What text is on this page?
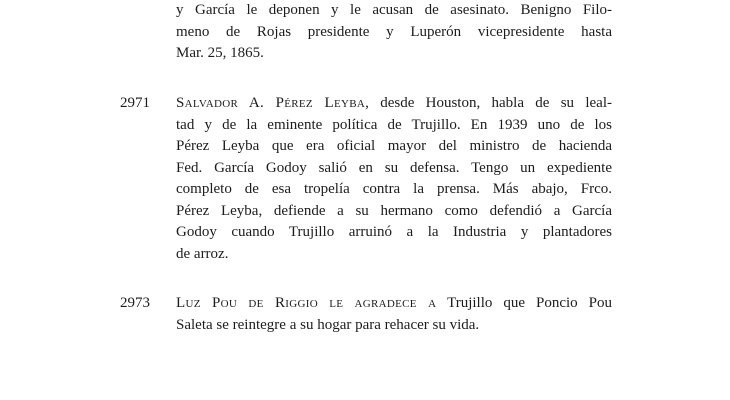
y García le deponen y le acusan de asesinato. Benigno Filo-
meno de Rojas presidente y Luperón vicepresidente hasta
Mar. 25, 1865.
2971 Salvador A. Pérez Leyba, desde Houston, habla de su leal-
tad y de la eminente política de Trujillo. En 1939 uno de los
Pérez Leyba que era oficial mayor del ministro de hacienda
Fed. García Godoy salió en su defensa. Tengo un expediente
completo de esa tropelía contra la prensa. Más abajo, Frco.
Pérez Leyba, defiende a su hermano como defendió a García
Godoy cuando Trujillo arruinó a la Industria y plantadores
de arroz.
2973 Luz Pou de Riggio le agradece a Trujillo que Poncio Pou
Saleta se reintegre a su hogar para rehacer su vida.
